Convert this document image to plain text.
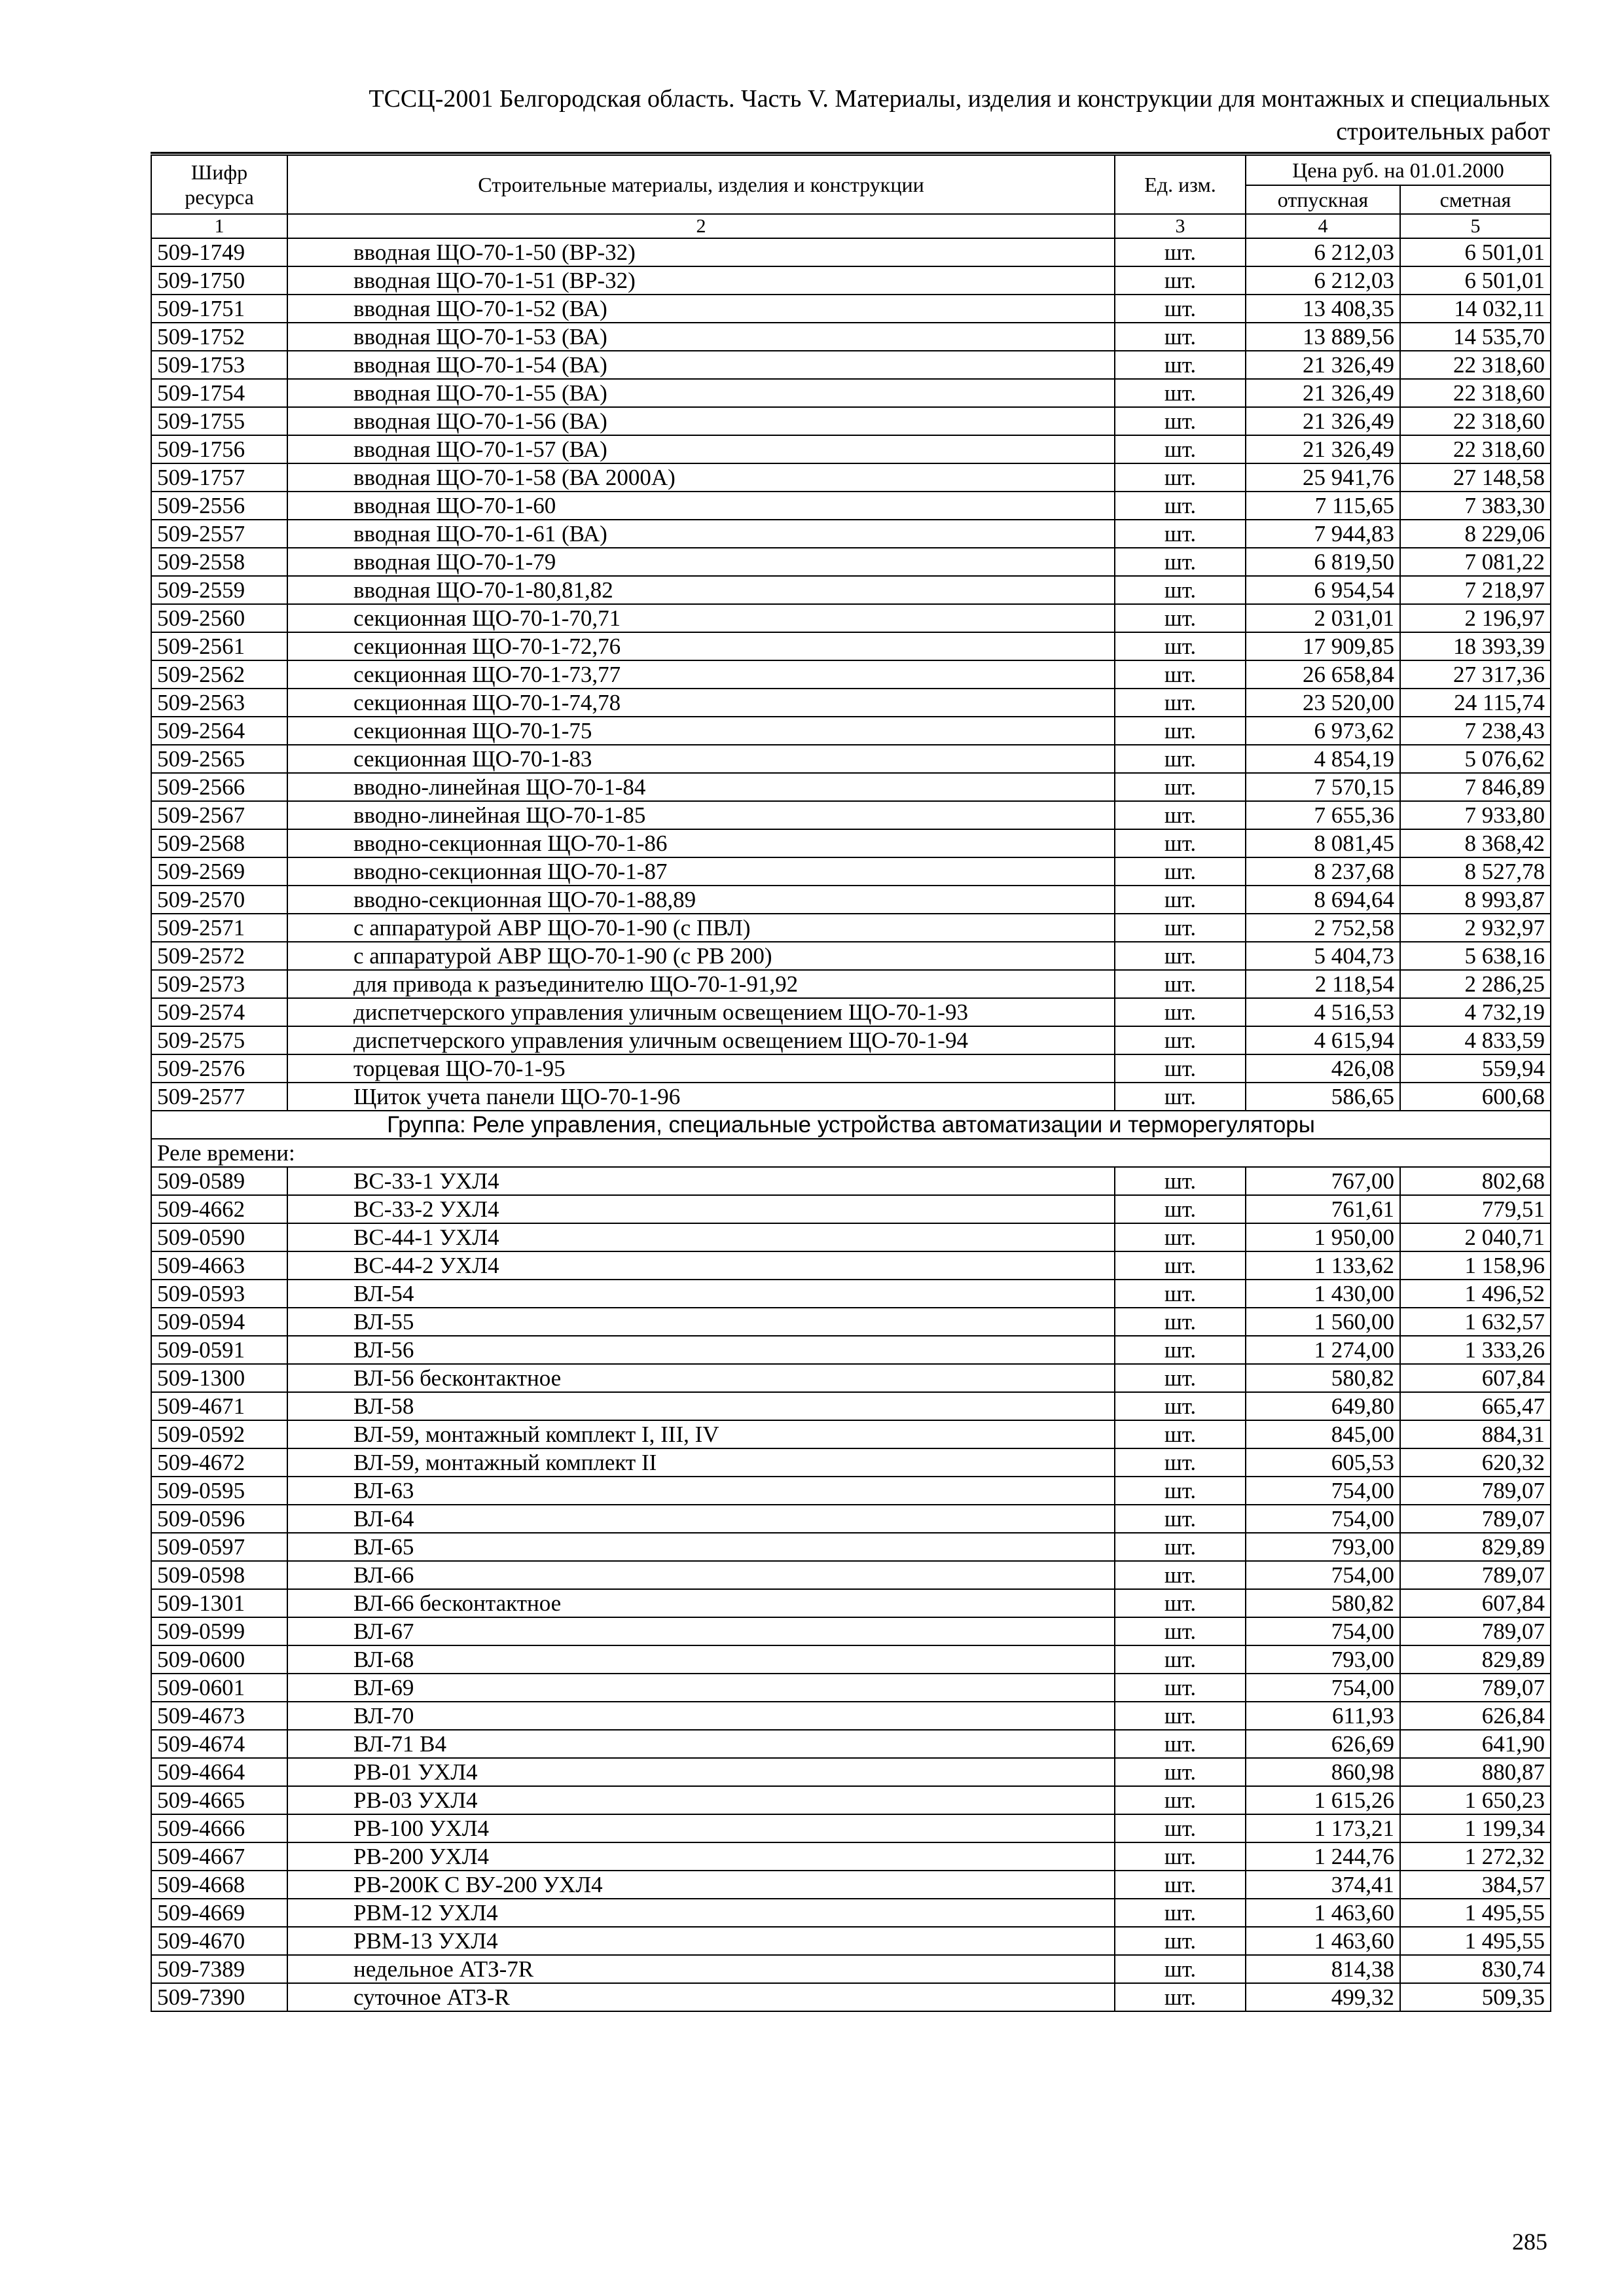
ТССЦ-2001 Белгородская область. Часть V. Материалы, изделия и конструкции для монтажных и специальных
строительных работ
Шифр ресурса	Строительные материалы, изделия и конструкции	Ед. изм.	Цена руб. на 01.01.2000	
			отпускная	сметная
1	2	3	4	5
509-1749	вводная ЩО-70-1-50 (ВР-32)	шт.	6 212,03	6 501,01
509-1750	вводная ЩО-70-1-51 (ВР-32)	шт.	6 212,03	6 501,01
509-1751	вводная ЩО-70-1-52 (ВА)	шт.	13 408,35	14 032,11
509-1752	вводная ЩО-70-1-53 (ВА)	шт.	13 889,56	14 535,70
509-1753	вводная ЩО-70-1-54 (ВА)	шт.	21 326,49	22 318,60
509-1754	вводная ЩО-70-1-55 (ВА)	шт.	21 326,49	22 318,60
509-1755	вводная ЩО-70-1-56 (ВА)	шт.	21 326,49	22 318,60
509-1756	вводная ЩО-70-1-57 (ВА)	шт.	21 326,49	22 318,60
509-1757	вводная ЩО-70-1-58 (ВА 2000А)	шт.	25 941,76	27 148,58
509-2556	вводная ЩО-70-1-60	шт.	7 115,65	7 383,30
509-2557	вводная ЩО-70-1-61 (ВА)	шт.	7 944,83	8 229,06
509-2558	вводная ЩО-70-1-79	шт.	6 819,50	7 081,22
509-2559	вводная ЩО-70-1-80,81,82	шт.	6 954,54	7 218,97
509-2560	секционная ЩО-70-1-70,71	шт.	2 031,01	2 196,97
509-2561	секционная ЩО-70-1-72,76	шт.	17 909,85	18 393,39
509-2562	секционная ЩО-70-1-73,77	шт.	26 658,84	27 317,36
509-2563	секционная ЩО-70-1-74,78	шт.	23 520,00	24 115,74
509-2564	секционная ЩО-70-1-75	шт.	6 973,62	7 238,43
509-2565	секционная ЩО-70-1-83	шт.	4 854,19	5 076,62
509-2566	вводно-линейная ЩО-70-1-84	шт.	7 570,15	7 846,89
509-2567	вводно-линейная ЩО-70-1-85	шт.	7 655,36	7 933,80
509-2568	вводно-секционная ЩО-70-1-86	шт.	8 081,45	8 368,42
509-2569	вводно-секционная ЩО-70-1-87	шт.	8 237,68	8 527,78
509-2570	вводно-секционная ЩО-70-1-88,89	шт.	8 694,64	8 993,87
509-2571	с аппаратурой АВР ЩО-70-1-90 (с ПВЛ)	шт.	2 752,58	2 932,97
509-2572	с аппаратурой АВР ЩО-70-1-90 (с РВ 200)	шт.	5 404,73	5 638,16
509-2573	для привода к разъединителю ЩО-70-1-91,92	шт.	2 118,54	2 286,25
509-2574	диспетчерского управления уличным освещением ЩО-70-1-93	шт.	4 516,53	4 732,19
509-2575	диспетчерского управления уличным освещением ЩО-70-1-94	шт.	4 615,94	4 833,59
509-2576	торцевая ЩО-70-1-95	шт.	426,08	559,94
509-2577	Щиток учета панели ЩО-70-1-96	шт.	586,65	600,68
Группа: Реле управления, специальные устройства автоматизации и терморегуляторы				
Реле времени:				
509-0589	ВС-33-1 УХЛ4	шт.	767,00	802,68
509-4662	ВС-33-2 УХЛ4	шт.	761,61	779,51
509-0590	ВС-44-1 УХЛ4	шт.	1 950,00	2 040,71
509-4663	ВС-44-2 УХЛ4	шт.	1 133,62	1 158,96
509-0593	ВЛ-54	шт.	1 430,00	1 496,52
509-0594	ВЛ-55	шт.	1 560,00	1 632,57
509-0591	ВЛ-56	шт.	1 274,00	1 333,26
509-1300	ВЛ-56 бесконтактное	шт.	580,82	607,84
509-4671	ВЛ-58	шт.	649,80	665,47
509-0592	ВЛ-59, монтажный комплект I, III, IV	шт.	845,00	884,31
509-4672	ВЛ-59, монтажный комплект II	шт.	605,53	620,32
509-0595	ВЛ-63	шт.	754,00	789,07
509-0596	ВЛ-64	шт.	754,00	789,07
509-0597	ВЛ-65	шт.	793,00	829,89
509-0598	ВЛ-66	шт.	754,00	789,07
509-1301	ВЛ-66 бесконтактное	шт.	580,82	607,84
509-0599	ВЛ-67	шт.	754,00	789,07
509-0600	ВЛ-68	шт.	793,00	829,89
509-0601	ВЛ-69	шт.	754,00	789,07
509-4673	ВЛ-70	шт.	611,93	626,84
509-4674	ВЛ-71 В4	шт.	626,69	641,90
509-4664	РВ-01 УХЛ4	шт.	860,98	880,87
509-4665	РВ-03 УХЛ4	шт.	1 615,26	1 650,23
509-4666	РВ-100 УХЛ4	шт.	1 173,21	1 199,34
509-4667	РВ-200 УХЛ4	шт.	1 244,76	1 272,32
509-4668	РВ-200К С ВУ-200 УХЛ4	шт.	374,41	384,57
509-4669	РВМ-12 УХЛ4	шт.	1 463,60	1 495,55
509-4670	РВМ-13 УХЛ4	шт.	1 463,60	1 495,55
509-7389	недельное АТЗ-7R	шт.	814,38	830,74
509-7390	суточное АТЗ-R	шт.	499,32	509,35
285
